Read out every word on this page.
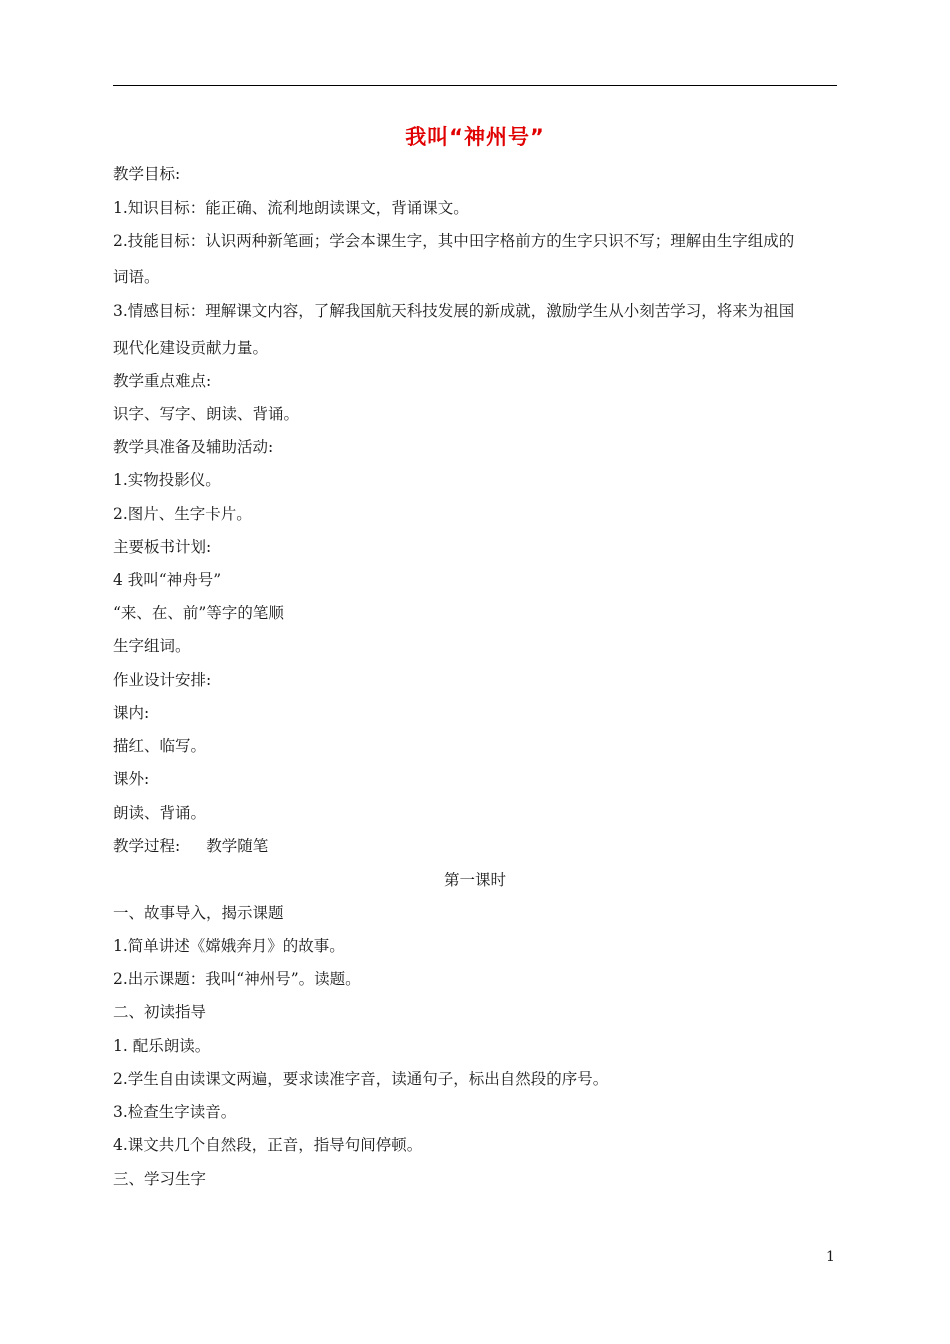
我叫“神州号”
教学目标:
1.知识目标：能正确、流利地朗读课文，背诵课文。
2.技能目标：认识两种新笔画；学会本课生字，其中田字格前方的生字只识不写；理解由生字组成的
词语。
3.情感目标：理解课文内容，了解我国航天科技发展的新成就，激励学生从小刻苦学习，将来为祖国
现代化建设贡献力量。
教学重点难点:
识字、写字、朗读、背诵。
教学具准备及辅助活动:
1.实物投影仪。
2.图片、生字卡片。
主要板书计划:
4 我叫“神舟号”
“来、在、前”等字的笔顺
生字组词。
作业设计安排:
课内:
描红、临写。
课外:
朗读、背诵。
教学过程: 教学随笔
第一课时
一、故事导入，揭示课题
1.简单讲述《嫦娥奔月》的故事。
2.出示课题：我叫“神州号”。读题。
二、初读指导
1. 配乐朗读。
2.学生自由读课文两遍，要求读准字音，读通句子，标出自然段的序号。
3.检查生字读音。
4.课文共几个自然段，正音，指导句间停顿。
三、学习生字
1
